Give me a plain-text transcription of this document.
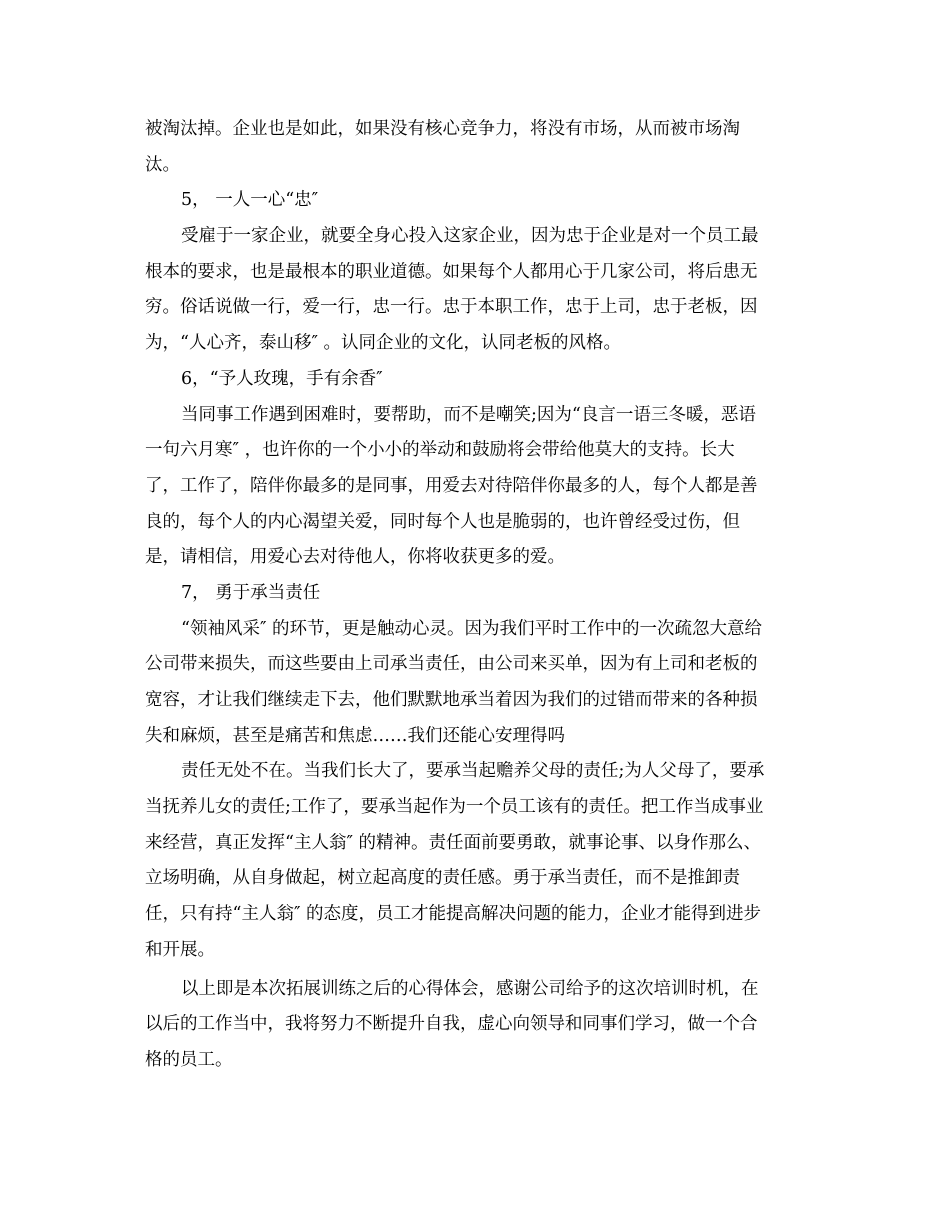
被淘汰掉。企业也是如此，如果没有核心竞争力，将没有市场，从而被市场淘
汰。
5， 一人一心“忠″
受雇于一家企业，就要全身心投入这家企业，因为忠于企业是对一个员工最
根本的要求，也是最根本的职业道德。如果每个人都用心于几家公司，将后患无
穷。俗话说做一行，爱一行，忠一行。忠于本职工作，忠于上司，忠于老板，因
为，“人心齐，泰山移″ 。认同企业的文化，认同老板的风格。
6，“予人玫瑰，手有余香″
当同事工作遇到困难时，要帮助，而不是嘲笑;因为“良言一语三冬暖，恶语
一句六月寒″ ，也许你的一个小小的举动和鼓励将会带给他莫大的支持。长大
了，工作了，陪伴你最多的是同事，用爱去对待陪伴你最多的人，每个人都是善
良的，每个人的内心渴望关爱，同时每个人也是脆弱的，也许曾经受过伤，但
是，请相信，用爱心去对待他人，你将收获更多的爱。
7， 勇于承当责任
“领袖风采″ 的环节，更是触动心灵。因为我们平时工作中的一次疏忽大意给
公司带来损失，而这些要由上司承当责任，由公司来买单，因为有上司和老板的
宽容，才让我们继续走下去，他们默默地承当着因为我们的过错而带来的各种损
失和麻烦，甚至是痛苦和焦虑……我们还能心安理得吗
责任无处不在。当我们长大了，要承当起赡养父母的责任;为人父母了，要承
当抚养儿女的责任;工作了，要承当起作为一个员工该有的责任。把工作当成事业
来经营，真正发挥“主人翁″ 的精神。责任面前要勇敢，就事论事、以身作那么、
立场明确，从自身做起，树立起高度的责任感。勇于承当责任，而不是推卸责
任，只有持“主人翁″ 的态度，员工才能提高解决问题的能力，企业才能得到进步
和开展。
以上即是本次拓展训练之后的心得体会，感谢公司给予的这次培训时机，在
以后的工作当中，我将努力不断提升自我，虚心向领导和同事们学习，做一个合
格的员工。
